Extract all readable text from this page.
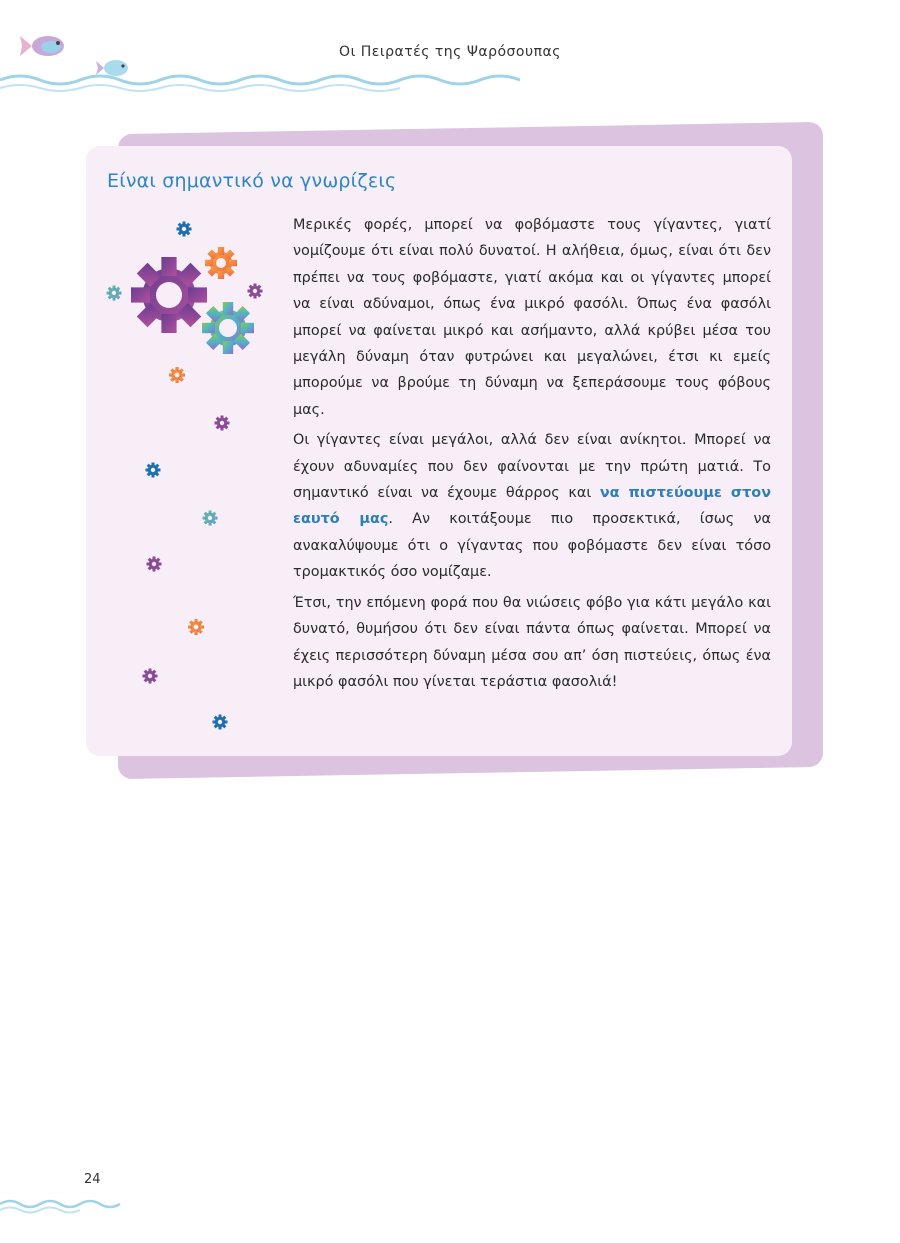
Οι Πειρατές της Ψαρόσουπας
Είναι σημαντικό να γνωρίζεις

Μερικές φορές, μπορεί να φοβόμαστε τους γίγαντες, γιατί νομίζουμε ότι είναι πολύ δυνατοί. Η αλήθεια, όμως, είναι ότι δεν πρέπει να τους φοβόμαστε, γιατί ακόμα και οι γίγαντες μπορεί να είναι αδύναμοι, όπως ένα μικρό φασόλι. Όπως ένα φασόλι μπορεί να φαίνεται μικρό και ασήμαντο, αλλά κρύβει μέσα του μεγάλη δύναμη όταν φυτρώνει και μεγαλώνει, έτσι κι εμείς μπορούμε να βρούμε τη δύναμη να ξεπεράσουμε τους φόβους μας.

Οι γίγαντες είναι μεγάλοι, αλλά δεν είναι ανίκητοι. Μπορεί να έχουν αδυναμίες που δεν φαίνονται με την πρώτη ματιά. Το σημαντικό είναι να έχουμε θάρρος και να πιστεύουμε στον εαυτό μας. Αν κοιτάξουμε πιο προσεκτικά, ίσως να ανακαλύψουμε ότι ο γίγαντας που φοβόμαστε δεν είναι τόσο τρομακτικός όσο νομίζαμε.

Έτσι, την επόμενη φορά που θα νιώσεις φόβο για κάτι μεγάλο και δυνατό, θυμήσου ότι δεν είναι πάντα όπως φαίνεται. Μπορεί να έχεις περισσότερη δύναμη μέσα σου απ’ όση πιστεύεις, όπως ένα μικρό φασόλι που γίνεται τεράστια φασολιά!

24
